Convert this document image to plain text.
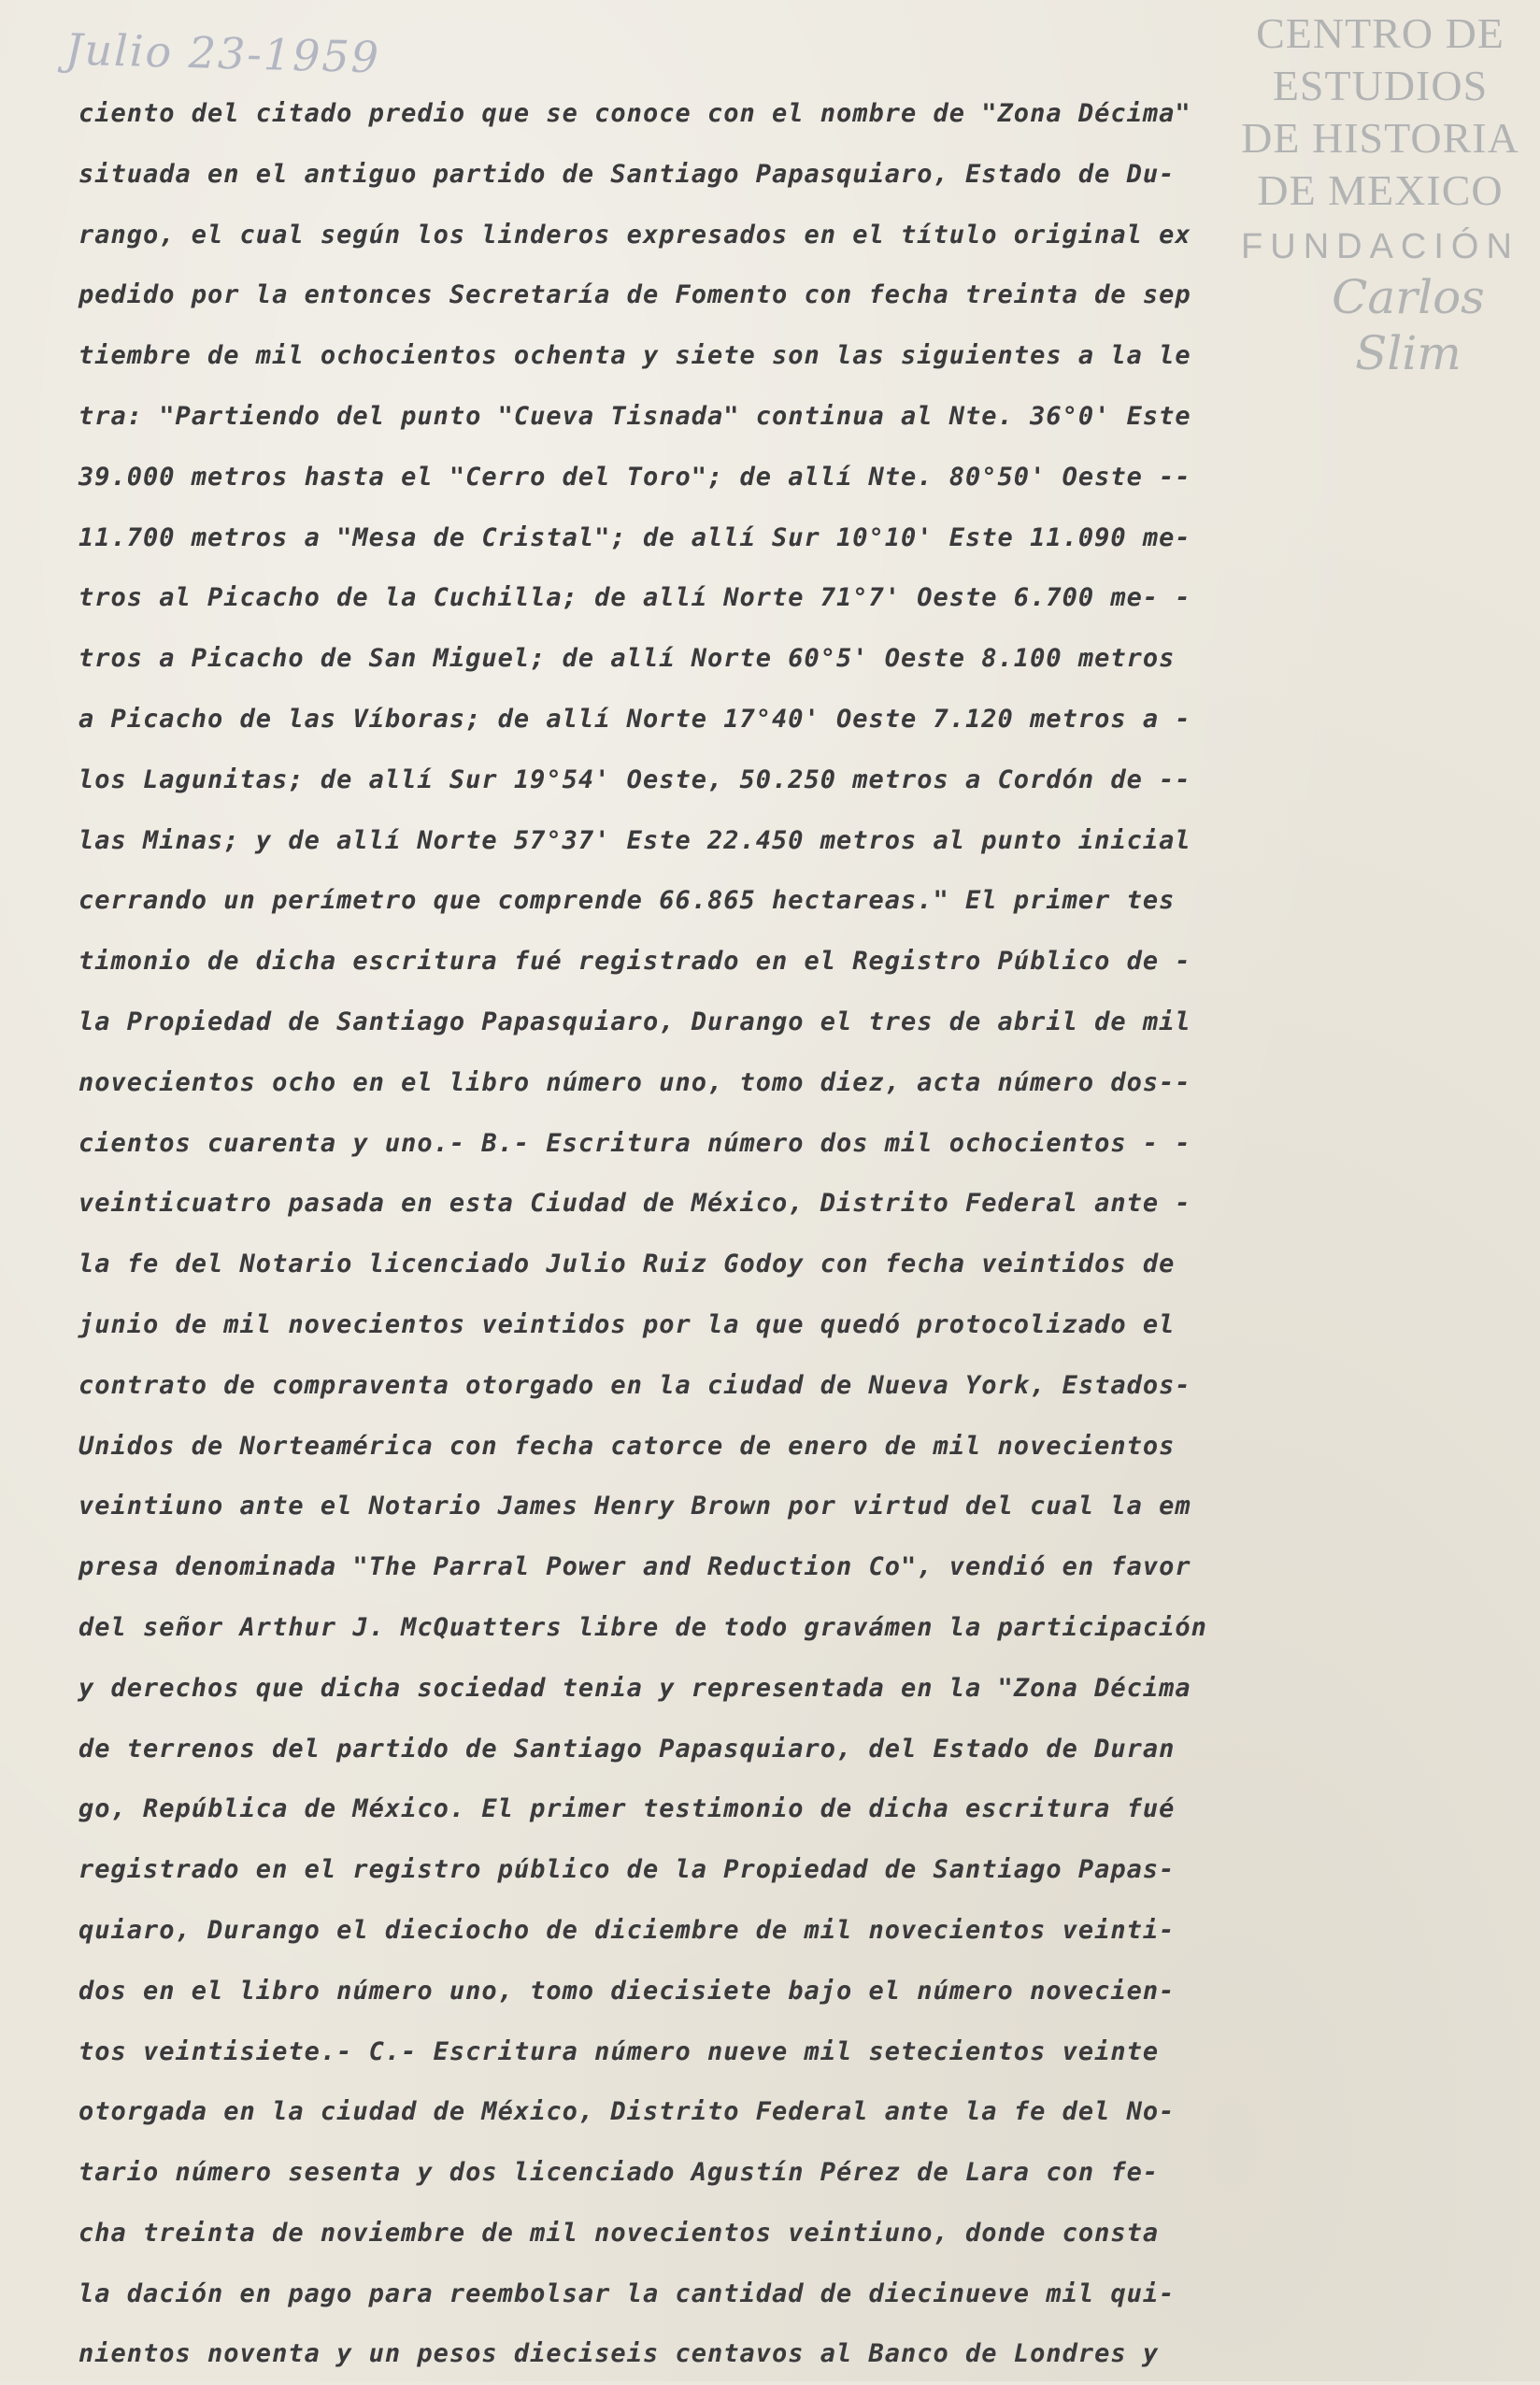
Julio 23-1959	CENTRO DE
ESTUDIOS
DE HISTORIA
DE MEXICO
FUNDACIÓN
Carlos Slim
ciento del citado predio que se conoce con el nombre de "Zona Décima"
situada en el antiguo partido de Santiago Papasquiaro, Estado de Du-
rango, el cual según los linderos expresados en el título original ex
pedido por la entonces Secretaría de Fomento con fecha treinta de sep
tiembre de mil ochocientos ochenta y siete son las siguientes a la le
tra: "Partiendo del punto "Cueva Tisnada" continua al Nte. 36°0' Este
39.000 metros hasta el "Cerro del Toro"; de allí Nte. 80°50' Oeste --
11.700 metros a "Mesa de Cristal"; de allí Sur 10°10' Este 11.090 me-
tros al Picacho de la Cuchilla; de allí Norte 71°7' Oeste 6.700 me- -
tros a Picacho de San Miguel; de allí Norte 60°5' Oeste 8.100 metros
a Picacho de las Víboras; de allí Norte 17°40' Oeste 7.120 metros a -
los Lagunitas; de allí Sur 19°54' Oeste, 50.250 metros a Cordón de --
las Minas; y de allí Norte 57°37' Este 22.450 metros al punto inicial
cerrando un perímetro que comprende 66.865 hectareas." El primer tes
timonio de dicha escritura fué registrado en el Registro Público de -
la Propiedad de Santiago Papasquiaro, Durango el tres de abril de mil
novecientos ocho en el libro número uno, tomo diez, acta número dos--
cientos cuarenta y uno.- B.- Escritura número dos mil ochocientos - -
veinticuatro pasada en esta Ciudad de México, Distrito Federal ante -
la fe del Notario licenciado Julio Ruiz Godoy con fecha veintidos de
junio de mil novecientos veintidos por la que quedó protocolizado el
contrato de compraventa otorgado en la ciudad de Nueva York, Estados-
Unidos de Norteamérica con fecha catorce de enero de mil novecientos
veintiuno ante el Notario James Henry Brown por virtud del cual la em
presa denominada "The Parral Power and Reduction Co", vendió en favor
del señor Arthur J. McQuatters libre de todo gravámen la participación
y derechos que dicha sociedad tenia y representada en la "Zona Décima
de terrenos del partido de Santiago Papasquiaro, del Estado de Duran
go, República de México. El primer testimonio de dicha escritura fué
registrado en el registro público de la Propiedad de Santiago Papas-
quiaro, Durango el dieciocho de diciembre de mil novecientos veinti-
dos en el libro número uno, tomo diecisiete bajo el número novecien-
tos veintisiete.- C.- Escritura número nueve mil setecientos veinte
otorgada en la ciudad de México, Distrito Federal ante la fe del No-
tario número sesenta y dos licenciado Agustín Pérez de Lara con fe-
cha treinta de noviembre de mil novecientos veintiuno, donde consta
la dación en pago para reembolsar la cantidad de diecinueve mil qui-
nientos noventa y un pesos dieciseis centavos al Banco de Londres y
